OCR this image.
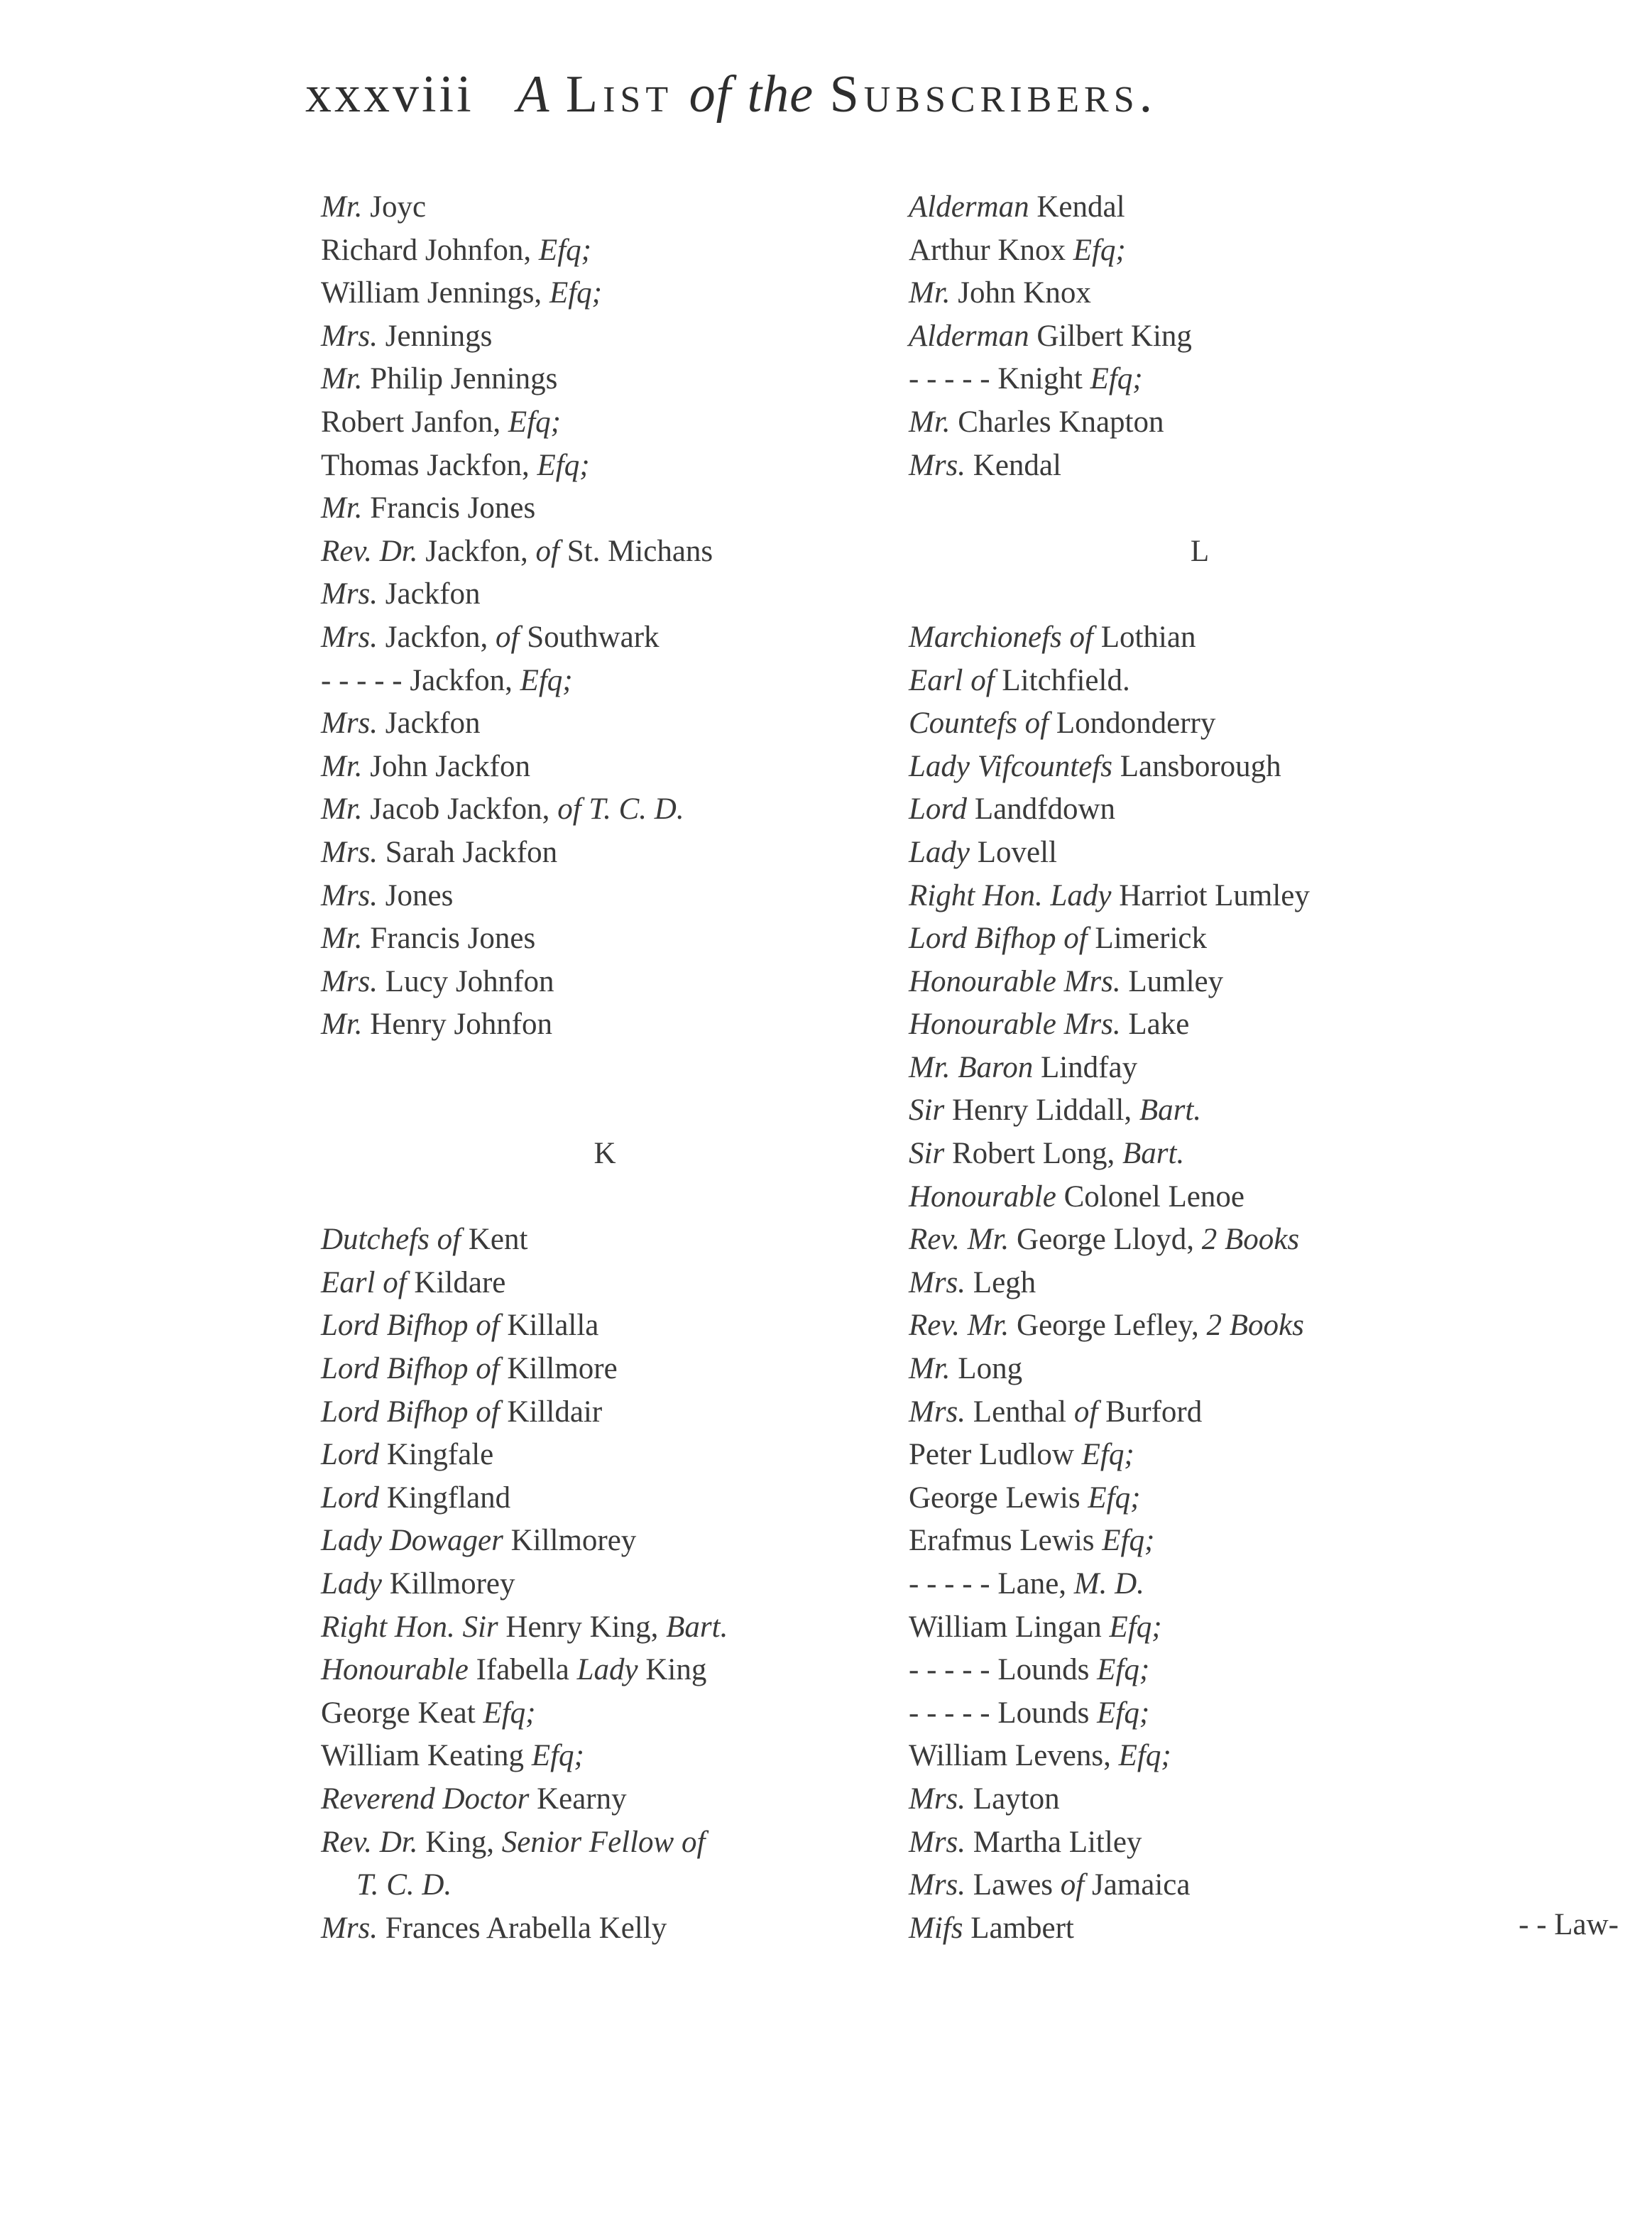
xxxviii A List of the Subscribers.
Mr. Joyc
Richard Johnfon, Efq;
William Jennings, Efq;
Mrs. Jennings
Mr. Philip Jennings
Robert Janfon, Efq;
Thomas Jackfon, Efq;
Mr. Francis Jones
Rev. Dr. Jackfon, of St. Michans
Mrs. Jackfon
Mrs. Jackfon, of Southwark
- - - - - Jackfon, Efq;
Mrs. Jackfon
Mr. John Jackfon
Mr. Jacob Jackfon, of T. C. D.
Mrs. Sarah Jackfon
Mrs. Jones
Mr. Francis Jones
Mrs. Lucy Johnfon
Mr. Henry Johnfon
K
Dutchefs of Kent
Earl of Kildare
Lord Bifhop of Killalla
Lord Bifhop of Killmore
Lord Bifhop of Killdair
Lord Kingfale
Lord Kingfland
Lady Dowager Killmorey
Lady Killmorey
Right Hon. Sir Henry King, Bart.
Honourable Ifabella Lady King
George Keat Efq;
William Keating Efq;
Reverend Doctor Kearny
Rev. Dr. King, Senior Fellow of
T. C. D.
Mrs. Frances Arabella Kelly
Alderman Kendal
Arthur Knox Efq;
Mr. John Knox
Alderman Gilbert King
- - - - - Knight Efq;
Mr. Charles Knapton
Mrs. Kendal
L
Marchionefs of Lothian
Earl of Litchfield.
Countefs of Londonderry
Lady Vifcountefs Lansborough
Lord Landfdown
Lady Lovell
Right Hon. Lady Harriot Lumley
Lord Bifhop of Limerick
Honourable Mrs. Lumley
Honourable Mrs. Lake
Mr. Baron Lindfay
Sir Henry Liddall, Bart.
Sir Robert Long, Bart.
Honourable Colonel Lenoe
Rev. Mr. George Lloyd, 2 Books
Mrs. Legh
Rev. Mr. George Lefley, 2 Books
Mr. Long
Mrs. Lenthal of Burford
Peter Ludlow Efq;
George Lewis Efq;
Erafmus Lewis Efq;
- - - - - Lane, M. D.
William Lingan Efq;
- - - - - Lounds Efq;
- - - - - Lounds Efq;
William Levens, Efq;
Mrs. Layton
Mrs. Martha Litley
Mrs. Lawes of Jamaica
Mifs Lambert	- - Law-
